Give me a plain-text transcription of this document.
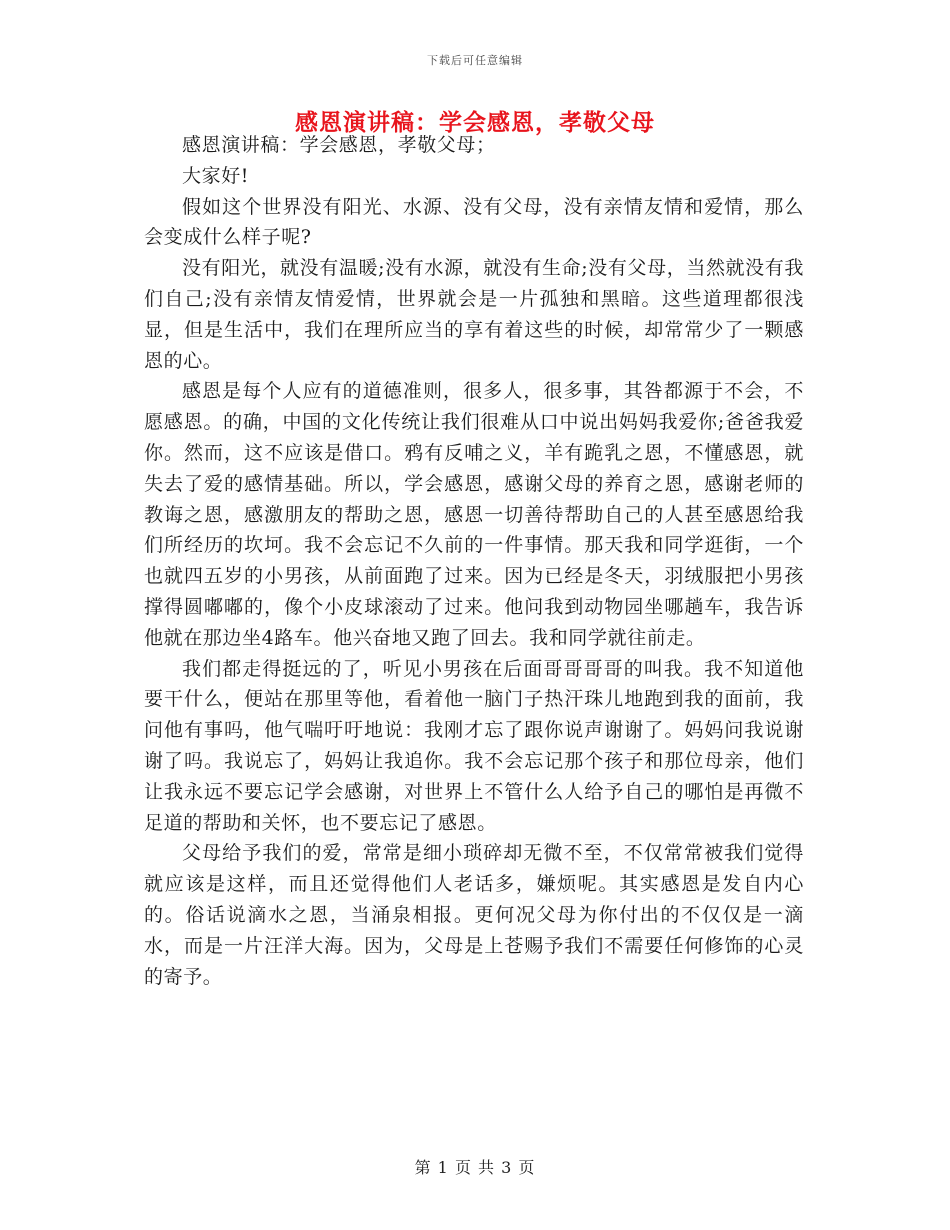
下载后可任意编辑
感恩演讲稿：学会感恩，孝敬父母

感恩演讲稿：学会感恩，孝敬父母；

大家好!

假如这个世界没有阳光、水源、没有父母，没有亲情友情和爱情，那么会变成什么样子呢?

没有阳光，就没有温暖;没有水源，就没有生命;没有父母，当然就没有我们自己;没有亲情友情爱情，世界就会是一片孤独和黑暗。这些道理都很浅显，但是生活中，我们在理所应当的享有着这些的时候，却常常少了一颗感恩的心。

感恩是每个人应有的道德准则，很多人，很多事，其咎都源于不会，不愿感恩。的确，中国的文化传统让我们很难从口中说出妈妈我爱你;爸爸我爱你。然而，这不应该是借口。鸦有反哺之义，羊有跪乳之恩，不懂感恩，就失去了爱的感情基础。所以，学会感恩，感谢父母的养育之恩，感谢老师的教诲之恩，感激朋友的帮助之恩，感恩一切善待帮助自己的人甚至感恩给我们所经历的坎坷。我不会忘记不久前的一件事情。那天我和同学逛街，一个也就四五岁的小男孩，从前面跑了过来。因为已经是冬天，羽绒服把小男孩撑得圆嘟嘟的，像个小皮球滚动了过来。他问我到动物园坐哪趟车，我告诉他就在那边坐4路车。他兴奋地又跑了回去。我和同学就往前走。

我们都走得挺远的了，听见小男孩在后面哥哥哥哥的叫我。我不知道他要干什么，便站在那里等他，看着他一脑门子热汗珠儿地跑到我的面前，我问他有事吗，他气喘吁吁地说：我刚才忘了跟你说声谢谢了。妈妈问我说谢谢了吗。我说忘了，妈妈让我追你。我不会忘记那个孩子和那位母亲，他们让我永远不要忘记学会感谢，对世界上不管什么人给予自己的哪怕是再微不足道的帮助和关怀，也不要忘记了感恩。

父母给予我们的爱，常常是细小琐碎却无微不至，不仅常常被我们觉得就应该是这样，而且还觉得他们人老话多，嫌烦呢。其实感恩是发自内心的。俗话说滴水之恩，当涌泉相报。更何况父母为你付出的不仅仅是一滴水，而是一片汪洋大海。因为，父母是上苍赐予我们不需要任何修饰的心灵的寄予。

第 1 页 共 3 页
